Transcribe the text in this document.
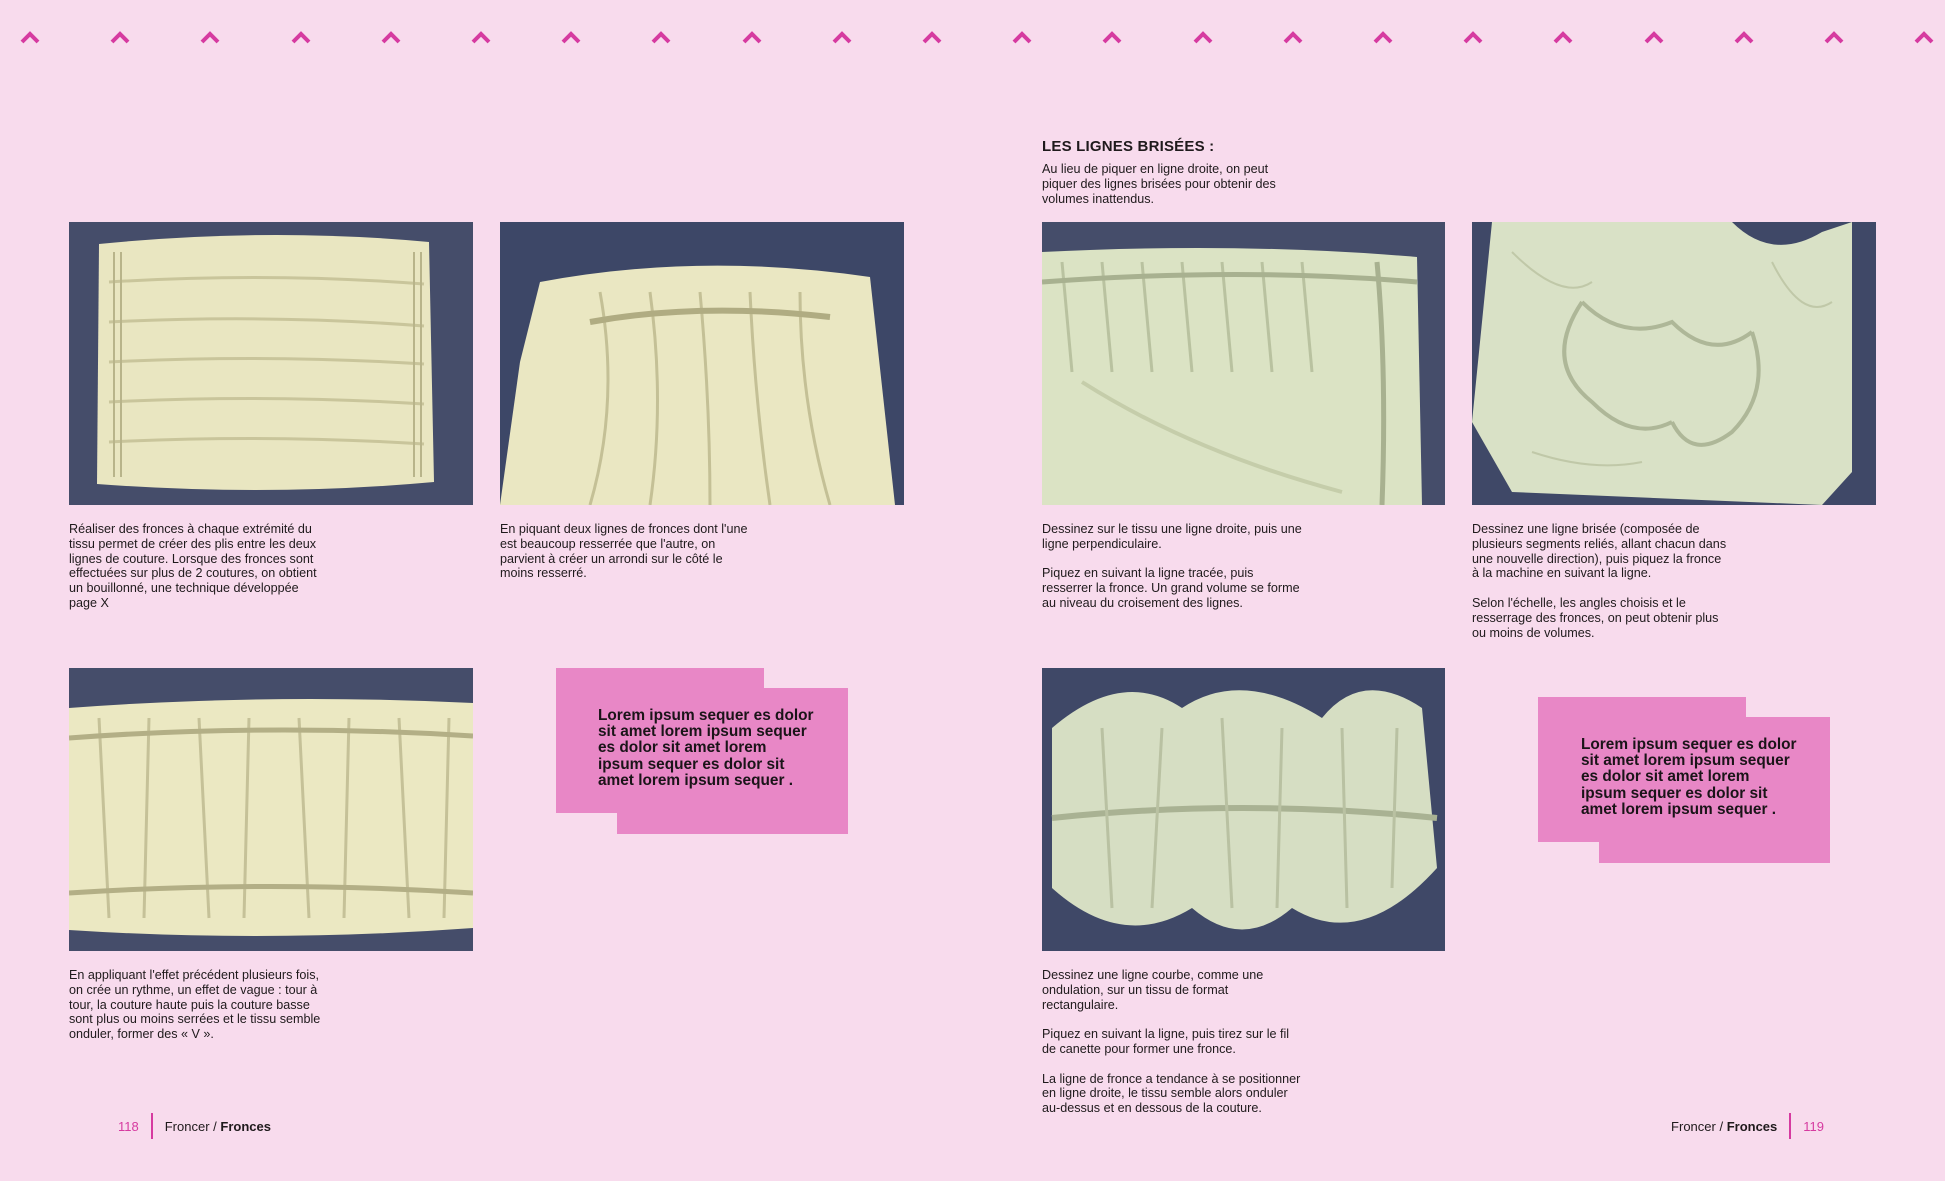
Réaliser des fronces à chaque extrémité du
tissu permet de créer des plis entre les deux
lignes de couture. Lorsque des fronces sont
effectuées sur plus de 2 coutures, on obtient
un bouillonné, une technique développée
page X

En piquant deux lignes de fronces dont l'une
est beaucoup resserrée que l'autre, on
parvient à créer un arrondi sur le côté le
moins resserré.

En appliquant l'effet précédent plusieurs fois,
on crée un rythme, un effet de vague : tour à
tour, la couture haute puis la couture basse
sont plus ou moins serrées et le tissu semble
onduler, former des « V ».

Lorem ipsum sequer es dolor
sit amet lorem ipsum sequer
es dolor sit amet lorem
ipsum sequer es dolor sit
amet lorem ipsum sequer .

118 Froncer / Fronces
LES LIGNES BRISÉES :

Au lieu de piquer en ligne droite, on peut
piquer des lignes brisées pour obtenir des
volumes inattendus.

Dessinez sur le tissu une ligne droite, puis une
ligne perpendiculaire.

Piquez en suivant la ligne tracée, puis
resserrer la fronce. Un grand volume se forme
au niveau du croisement des lignes.

Dessinez une ligne brisée (composée de
plusieurs segments reliés, allant chacun dans
une nouvelle direction), puis piquez la fronce
à la machine en suivant la ligne.

Selon l'échelle, les angles choisis et le
resserrage des fronces, on peut obtenir plus
ou moins de volumes.

Dessinez une ligne courbe, comme une
ondulation, sur un tissu de format
rectangulaire.

Piquez en suivant la ligne, puis tirez sur le fil
de canette pour former une fronce.

La ligne de fronce a tendance à se positionner
en ligne droite, le tissu semble alors onduler
au-dessus et en dessous de la couture.

Lorem ipsum sequer es dolor
sit amet lorem ipsum sequer
es dolor sit amet lorem
ipsum sequer es dolor sit
amet lorem ipsum sequer .

Froncer / Fronces 119
